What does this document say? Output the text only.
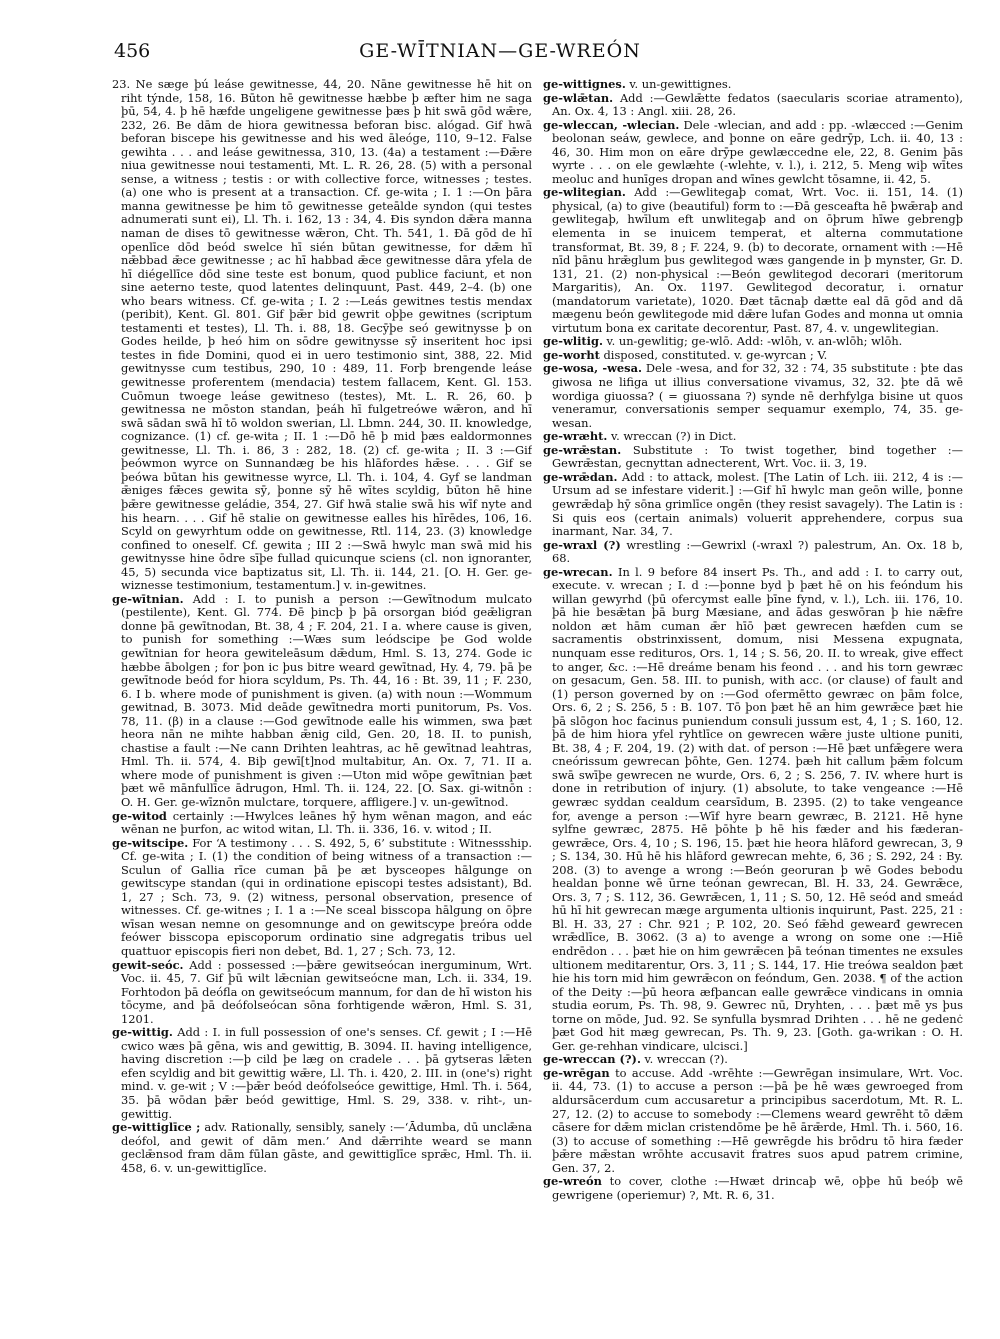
456	GE-WĪTNIAN—GE-WREÓN

23. Ne sæge þú leáse gewitnesse, 44, 20. Nāne gewitnesse hē hit on riht týnde, 158, 16. Būton hē gewitnesse hæbbe þ æfter him ne saga þū, 54, 4. þ hē hæfde ungeligene gewitnesse þæs þ hit swā gōd wǣre, 232, 26. Be dām de hiora gewitnessa beforan bisc. alógad. Gif hwā beforan biscepe his gewitnesse and his wed āleóge, 110, 9–12. False gewihta . . . and leáse gewitnessa, 310, 13. (4a) a testament :—Ðǣre niua gewitnesse noui testamenti, Mt. L. R. 26, 28. (5) with a personal sense, a witness ; testis : or with collective force, witnesses ; testes. (a) one who is present at a transaction. Cf. ge-wita ; I. 1 :—On þāra manna gewitnesse þe him tō gewitnesse geteālde syndon (qui testes adnumerati sunt ei), Ll. Th. i. 162, 13 : 34, 4. Ðis syndon dǣra manna naman de dises tō gewitnesse wǣron, Cht. Th. 541, 1. Ðā gōd de hī openlīce dōd beód swelce hī sién būtan gewitnesse, for dǣm hī nǣbbad ǣce gewitnesse ; ac hī habbad ǣce gewitnesse dāra yfela de hī diégellīce dōd sine teste est bonum, quod publice faciunt, et non sine aeterno teste, quod latentes delinquunt, Past. 449, 2–4. (b) one who bears witness. Cf. ge-wita ; I. 2 :—Leás gewitnes testis mendax (peribit), Kent. Gl. 801. Gif þǣr bid gewrit oþþe gewitnes (scriptum testamenti et testes), Ll. Th. i. 88, 18. Gecȳþe seó gewitnysse þ on Godes heilde, þ heó him on sōdre gewitnysse sȳ inseritent hoc ipsi testes in fide Domini, quod ei in uero testimonio sint, 388, 22. Mid gewitnysse cum testibus, 290, 10 : 489, 11. Forþ brengende leáse gewitnesse proferentem (mendacia) testem fallacem, Kent. Gl. 153. Cuōmun twoege leáse gewitneso (testes), Mt. L. R. 26, 60. þ gewitnessa ne mōston standan, þeáh hī fulgetreówe wǣron, and hī swā sādan swā hī tō woldon swerian, Ll. Lbmn. 244, 30. II. knowledge, cognizance. (1) cf. ge-wita ; II. 1 :—Dō hē þ mid þæs ealdormonnes gewitnesse, Ll. Th. i. 86, 3 : 282, 18. (2) cf. ge-wita ; II. 3 :—Gif þeówmon wyrce on Sunnandæg be his hlāfordes hǣse. . . . Gif se þeówa būtan his gewitnesse wyrce, Ll. Th. i. 104, 4. Gyf se landman ǣniges fǣces gewita sȳ, þonne sȳ hē wītes scyldig, būton hē hine þǣre gewitnesse geládie, 354, 27. Gif hwā stalie swā his wīf nyte and his hearn. . . . Gif hē stalie on gewitnesse ealles his hīrēdes, 106, 16. Scyld on gewyrhtum odde on gewitnesse, Rtl. 114, 23. (3) knowledge confined to oneself. Cf. gewita ; III 2 :—Swā hwylc man swā mid his gewitnysse hine ōdre sīþe fullad quicunque sciens (cl. non ignoranter, 45, 5) secunda vice baptizatus sit, Ll. Th. ii. 144, 21. [O. H. Ger. ge-wiznesse testimonium, testamentum.] v. in-gewitnes.

ge-wītnian. Add : I. to punish a person :—Gewītnodum mulcato (pestilente), Kent. Gl. 774. Ðē þincþ þ þā orsorgan biód geǣligran donne þā gewītnodan, Bt. 38, 4 ; F. 204, 21. I a. where cause is given, to punish for something :—Wæs sum leódscipe þe God wolde gewītnian for heora gewiteleāsum dǣdum, Hml. S. 13, 274. Gode ic hæbbe ābolgen ; for þon ic þus bitre weard gewītnad, Hy. 4, 79. þā þe gewītnode beód for hiora scyldum, Ps. Th. 44, 16 : Bt. 39, 11 ; F. 230, 6. I b. where mode of punishment is given. (a) with noun :—Wommum gewitnad, B. 3073. Mid deāde gewītnedra morti punitorum, Ps. Vos. 78, 11. (β) in a clause :—God gewītnode ealle his wimmen, swa þæt heora nān ne mihte habban ǣnig cild, Gen. 20, 18. II. to punish, chastise a fault :—Ne cann Drihten leahtras, ac hē gewītnad leahtras, Hml. Th. ii. 574, 4. Biþ gewī[t]nod multabitur, An. Ox. 7, 71. II a. where mode of punishment is given :—Uton mid wōpe gewītnian þæt þæt wē mānfullīce ādrugon, Hml. Th. ii. 124, 22. [O. Sax. gi-witnōn : O. H. Ger. ge-wīznōn mulctare, torquere, affligere.] v. un-gewītnod.

ge-witod certainly :—Hwylces leānes hȳ hym wēnan magon, and eác wēnan ne þurfon, ac witod witan, Ll. Th. ii. 336, 16. v. witod ; II.

ge-witscipe. For ‘A testimony . . . S. 492, 5, 6’ substitute : Witnessship. Cf. ge-wita ; I. (1) the condition of being witness of a transaction :—Sculun of Gallia rīce cuman þā þe æt bysceopes hālgunge on gewitscype standan (qui in ordinatione episcopi testes adsistant), Bd. 1, 27 ; Sch. 73, 9. (2) witness, personal observation, presence of witnesses. Cf. ge-witnes ; I. 1 a :—Ne sceal bisscopa hālgung on ōþre wīsan wesan nemne on gesomnunge and on gewitscype þreóra odde feówer bisscopa episcoporum ordinatio sine adgregatis tribus uel quattuor episcopis fieri non debet, Bd. 1, 27 ; Sch. 73, 12.

gewit-seóc. Add : possessed :—þǣre gewitseócan inerguminum, Wrt. Voc. ii. 45, 7. Gif þū wilt lǣcnian gewitseócne man, Lch. ii. 334, 19. Forhtodon þā deófla on gewitseócum mannum, for dan de hī wiston his tōcyme, and þā deófolseócan sōna forhtigende wǣron, Hml. S. 31, 1201.

ge-wittig. Add : I. in full possession of one's senses. Cf. gewit ; I :—Hē cwico wæs þā gēna, wis and gewittig, B. 3094. II. having intelligence, having discretion :—þ cild þe læg on cradele . . . þā gytseras lǣten efen scyldig and bit gewittig wǣre, Ll. Th. i. 420, 2. III. in (one's) right mind. v. ge-wit ; V :—þǣr beód deófolseóce gewittige, Hml. Th. i. 564, 35. þā wōdan þǣr beód gewittige, Hml. S. 29, 338. v. riht-, un-gewittig.

ge-wittiglīce ; adv. Rationally, sensibly, sanely :—‘Ādumba, dū unclǣna deófol, and gewit of dām men.’ And dǣrrihte weard se mann geclǣnsod fram dām fūlan gāste, and gewittiglīce sprǣc, Hml. Th. ii. 458, 6. v. un-gewittiglīce.

ge-wittignes. v. un-gewittignes.

ge-wlǣtan. Add :—Gewlǣtte fedatos (saecularis scoriae atramento), An. Ox. 4, 13 : Angl. xiii. 28, 26.

ge-wleccan, -wlecian. Dele -wlecian, and add : pp. -wlæcced :—Genim beolonan seáw, gewlece, and þonne on eāre gedrȳp, Lch. ii. 40, 13 : 46, 30. Him mon on eāre drȳpe gewlæccedne ele, 22, 8. Genim þās wyrte . . . on ele gewlæhte (-wlehte, v. l.), i. 212, 5. Meng wiþ wītes meoluc and hunīges dropan and wīnes gewlcht tōsamne, ii. 42, 5.

ge-wlitegian. Add :—Gewlitegaþ comat, Wrt. Voc. ii. 151, 14. (1) physical, (a) to give (beautiful) form to :—Ðā gesceafta hē þwǣraþ and gewlitegaþ, hwīlum eft unwlitegaþ and on ōþrum hīwe gebrengþ elementa in se inuicem temperat, et alterna commutatione transformat, Bt. 39, 8 ; F. 224, 9. (b) to decorate, ornament with :—Hē nīd þānu hrǣglum þus gewlitegod wæs gangende in þ mynster, Gr. D. 131, 21. (2) non-physical :—Beón gewlitegod decorari (meritorum Margaritis), An. Ox. 1197. Gewlitegod decoratur, i. ornatur (mandatorum varietate), 1020. Ðæt tācnaþ dætte eal dā gōd and dā mægenu beón gewlitegode mid dǣre lufan Godes and monna ut omnia virtutum bona ex caritate decorentur, Past. 87, 4. v. ungewlitegian.

ge-wlitig. v. un-gewlitig; ge-wlō. Add: -wlōh, v. an-wlōh; wlōh.

ge-worht disposed, constituted. v. ge-wyrcan ; V.

ge-wosa, -wesa. Dele -wesa, and for 32, 32 : 74, 35 substitute : þte das giwosa ne lifiga ut illius conversatione vivamus, 32, 32. þte dā wē wordiga giuossa? ( = giuossana ?) synde nē derhfylga bisine ut quos veneramur, conversationis semper sequamur exemplo, 74, 35. ge-wesan.

ge-wræht. v. wreccan (?) in Dict.

ge-wrǣstan. Substitute : To twist together, bind together :—Gewrǣstan, gecnyttan adnecterent, Wrt. Voc. ii. 3, 19.

ge-wrǣdan. Add : to attack, molest. [The Latin of Lch. iii. 212, 4 is :—Ursum ad se infestare viderit.] :—Gif hī hwylc man geōn wille, þonne gewrǣdaþ hȳ sōna grimlīce ongēn (they resist savagely). The Latin is : Si quis eos (certain animals) voluerit apprehendere, corpus sua inarmant, Nar. 34, 7.

ge-wraxl (?) wrestling :—Gewrixl (-wraxl ?) palestrum, An. Ox. 18 b, 68.

ge-wrecan. In l. 9 before 84 insert Ps. Th., and add : I. to carry out, execute. v. wrecan ; I. d :—þonne byd þ þæt hē on his feóndum his willan gewyrhd (þū ofercymst ealle þīne fynd, v. l.), Lch. iii. 176, 10. þā hie besǣtan þā burg Mæsiane, and ādas geswōran þ hie nǣfre noldon æt hām cuman ǣr hīō þæt gewrecen hæfden cum se sacramentis obstrinxissent, domum, nisi Messena expugnata, nunquam esse redituros, Ors. 1, 14 ; S. 56, 20. II. to wreak, give effect to anger, &c. :—Hē dreáme benam his feond . . . and his torn gewræc on gesacum, Gen. 58. III. to punish, with acc. (or clause) of fault and (1) person governed by on :—God ofermētto gewræc on þām folce, Ors. 6, 2 ; S. 256, 5 : B. 107. Tō þon þæt hē an him gewrǣce þæt hie þā slōgon hoc facinus puniendum consuli jussum est, 4, 1 ; S. 160, 12. þā de him hiora yfel ryhtlīce on gewrecen wǣre juste ultione puniti, Bt. 38, 4 ; F. 204, 19. (2) with dat. of person :—Hē þæt unfǣgere wera cneórissum gewrecan þōhte, Gen. 1274. þæh hit callum þǣm folcum swā swīþe gewrecen ne wurde, Ors. 6, 2 ; S. 256, 7. IV. where hurt is done in retribution of injury. (1) absolute, to take vengeance :—Hē gewræc syddan cealdum cearsīdum, B. 2395. (2) to take vengeance for, avenge a person :—Wīf hyre bearn gewræc, B. 2121. Hē hyne sylfne gewræc, 2875. Hē þōhte þ hē his fæder and his fæderan-gewrǣce, Ors. 4, 10 ; S. 196, 15. þæt hie heora hlāford gewrecan, 3, 9 ; S. 134, 30. Hū hē his hlāford gewrecan mehte, 6, 36 ; S. 292, 24 : By. 208. (3) to avenge a wrong :—Beón georuran þ wē Godes bebodu healdan þonne wē ūrne teónan gewrecan, Bl. H. 33, 24. Gewrǣce, Ors. 3, 7 ; S. 112, 36. Gewrǣcen, 1, 11 ; S. 50, 12. Hē seód and smeád hū hī hit gewrecan mæge argumenta ultionis inquirunt, Past. 225, 21 : Bl. H. 33, 27 : Chr. 921 ; P. 102, 20. Seó fǣhd gewearđ gewrecen wrǣdlīce, B. 3062. (3 a) to avenge a wrong on some one :—Hiē endrēdon . . . þæt hie on him gewrǣcen þā teónan timentes ne exsules ultionem meditarentur, Ors. 3, 11 ; S. 144, 17. Hie treówa sealdon þæt hie his torn mid him gewrǣcon on feóndum, Gen. 2038. ¶ of the action of the Deity :—þū heora æfþancan ealle gewrǣce vindicans in omnia studia eorum, Ps. Th. 98, 9. Gewrec nū, Dryhten, . . . þæt mē ys þus torne on mōde, Jud. 92. Se synfulla bysmrad Drihten . . . hē ne gedenċ þæt God hit mæg gewrecan, Ps. Th. 9, 23. [Goth. ga-wrikan : O. H. Ger. ge-rehhan vindicare, ulcisci.]

ge-wreccan (?). v. wreccan (?).

ge-wrēgan to accuse. Add -wrēhte :—Gewrēgan insimulare, Wrt. Voc. ii. 44, 73. (1) to accuse a person :—þā þe hē wæs gewroeged from aldursācerdum cum accusaretur a principibus sacerdotum, Mt. R. L. 27, 12. (2) to accuse to somebody :—Clemens weard gewrēht tō dǣm cāsere for dǣm miclan cristendōme þe hē ārǣrde, Hml. Th. i. 560, 16. (3) to accuse of something :—Hē gewrēgde his brōdru tō hira fæder þǣre mǣstan wrōhte accusavit fratres suos apud patrem crimine, Gen. 37, 2.

ge-wreón to cover, clothe :—Hwæt drincaþ wē, oþþe hū beóþ wē gewrigene (operiemur) ?, Mt. R. 6, 31.
